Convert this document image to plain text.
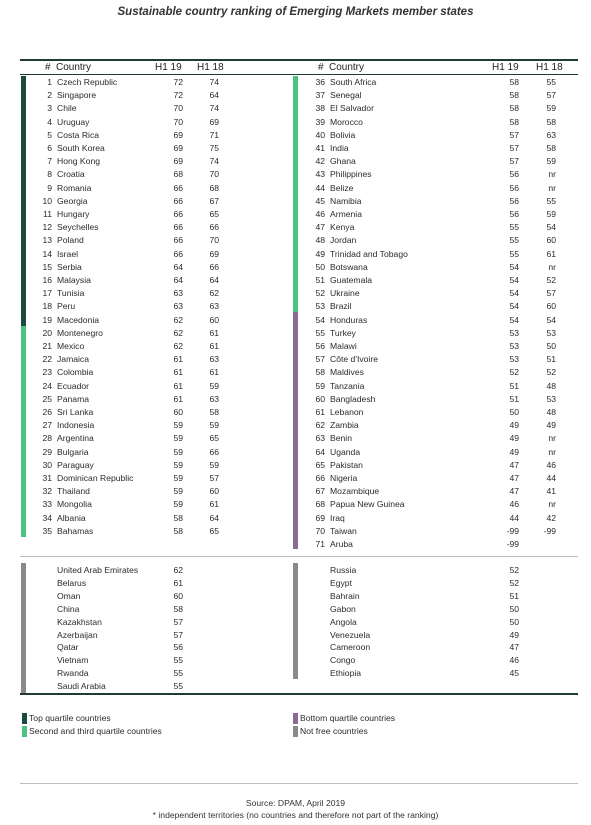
Sustainable country ranking of Emerging Markets member states
# Country	H1 19 H1 18	# Country	H1 19 H1 18
1 Czech Republic	72	74
2 Singapore	72	64
3 Chile	70	74
4 Uruguay	70	69
5 Costa Rica	69	71
6 South Korea	69	75
7 Hong Kong	69	74
8 Croatia	68	70
9 Romania	66	68
10 Georgia	66	67
11 Hungary	66	65
12 Seychelles	66	66
13 Poland	66	70
14 Israel	66	69
15 Serbia	64	66
16 Malaysia	64	64
17 Tunisia	63	62
18 Peru	63	63
19 Macedonia	62	60
20 Montenegro	62	61
21 Mexico	62	61
22 Jamaica	61	63
23 Colombia	61	61
24 Ecuador	61	59
25 Panama	61	63
26 Sri Lanka	60	58
27 Indonesia	59	59
28 Argentina	59	65
29 Bulgaria	59	66
30 Paraguay	59	59
31 Dominican Republic	59	57
32 Thailand	59	60
33 Mongolia	59	61
34 Albania	58	64
35 Bahamas	58	65
36 South Africa	58	55
37 Senegal	58	57
38 El Salvador	58	59
39 Morocco	58	58
40 Bolivia	57	63
41 India	57	58
42 Ghana	57	59
43 Philippines	56	nr
44 Belize	56	nr
45 Namibia	56	55
46 Armenia	56	59
47 Kenya	55	54
48 Jordan	55	60
49 Trinidad and Tobago	55	61
50 Botswana	54	nr
51 Guatemala	54	52
52 Ukraine	54	57
53 Brazil	54	60
54 Honduras	54	54
55 Turkey	53	53
56 Malawi	53	50
57 Côte d'Ivoire	53	51
58 Maldives	52	52
59 Tanzania	51	48
60 Bangladesh	51	53
61 Lebanon	50	48
62 Zambia	49	49
63 Benin	49	nr
64 Uganda	49	nr
65 Pakistan	47	46
66 Nigeria	47	44
67 Mozambique	47	41
68 Papua New Guinea	46	nr
69 Iraq	44	42
70 Taiwan	-99	-99
71 Aruba	-99
United Arab Emirates	62
Belarus	61
Oman	60
China	58
Kazakhstan	57
Azerbaijan	57
Qatar	56
Vietnam	55
Rwanda	55
Saudi Arabia	55
Russia	52
Egypt	52
Bahrain	51
Gabon	50
Angola	50
Venezuela	49
Cameroon	47
Congo	46
Ethiopia	45
Top quartile countries
Second and third quartile countries
Bottom quartile countries
Not free countries
Source: DPAM, April 2019
* independent territories (no countries and therefore not part of the ranking)
